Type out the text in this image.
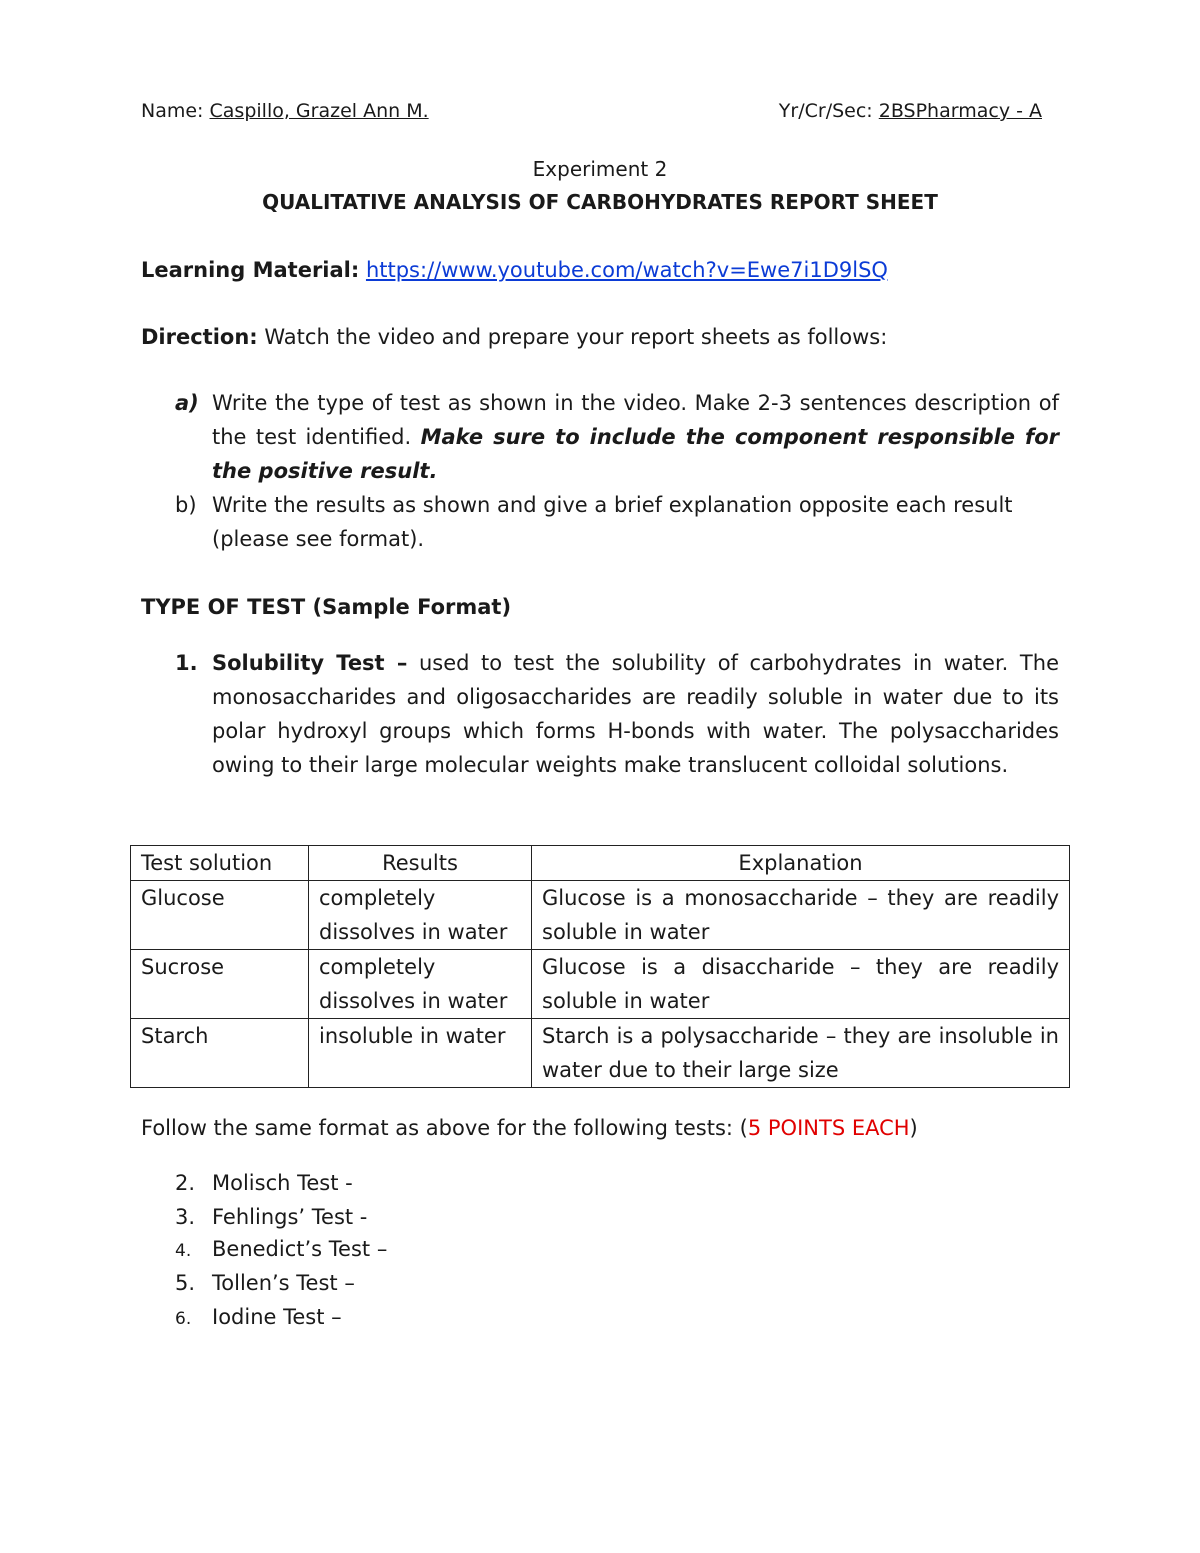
Name: Caspillo, Grazel Ann M.	Yr/Cr/Sec: 2BSPharmacy - A
Experiment 2
QUALITATIVE ANALYSIS OF CARBOHYDRATES REPORT SHEET
Learning Material: https://www.youtube.com/watch?v=Ewe7i1D9lSQ
Direction: Watch the video and prepare your report sheets as follows:
a) Write the type of test as shown in the video. Make 2-3 sentences description of the test identified. Make sure to include the component responsible for the positive result.
b) Write the results as shown and give a brief explanation opposite each result (please see format).
TYPE OF TEST (Sample Format)
1. Solubility Test – used to test the solubility of carbohydrates in water. The monosaccharides and oligosaccharides are readily soluble in water due to its polar hydroxyl groups which forms H-bonds with water. The polysaccharides owing to their large molecular weights make translucent colloidal solutions.
Test solution	Results	Explanation
Glucose	completely dissolves in water	Glucose is a monosaccharide – they are readily soluble in water
Sucrose	completely dissolves in water	Glucose is a disaccharide – they are readily soluble in water
Starch	insoluble in water	Starch is a polysaccharide – they are insoluble in water due to their large size
Follow the same format as above for the following tests: (5 POINTS EACH)
2. Molisch Test -
3. Fehlings’ Test -
4. Benedict’s Test –
5. Tollen’s Test –
6. Iodine Test –
